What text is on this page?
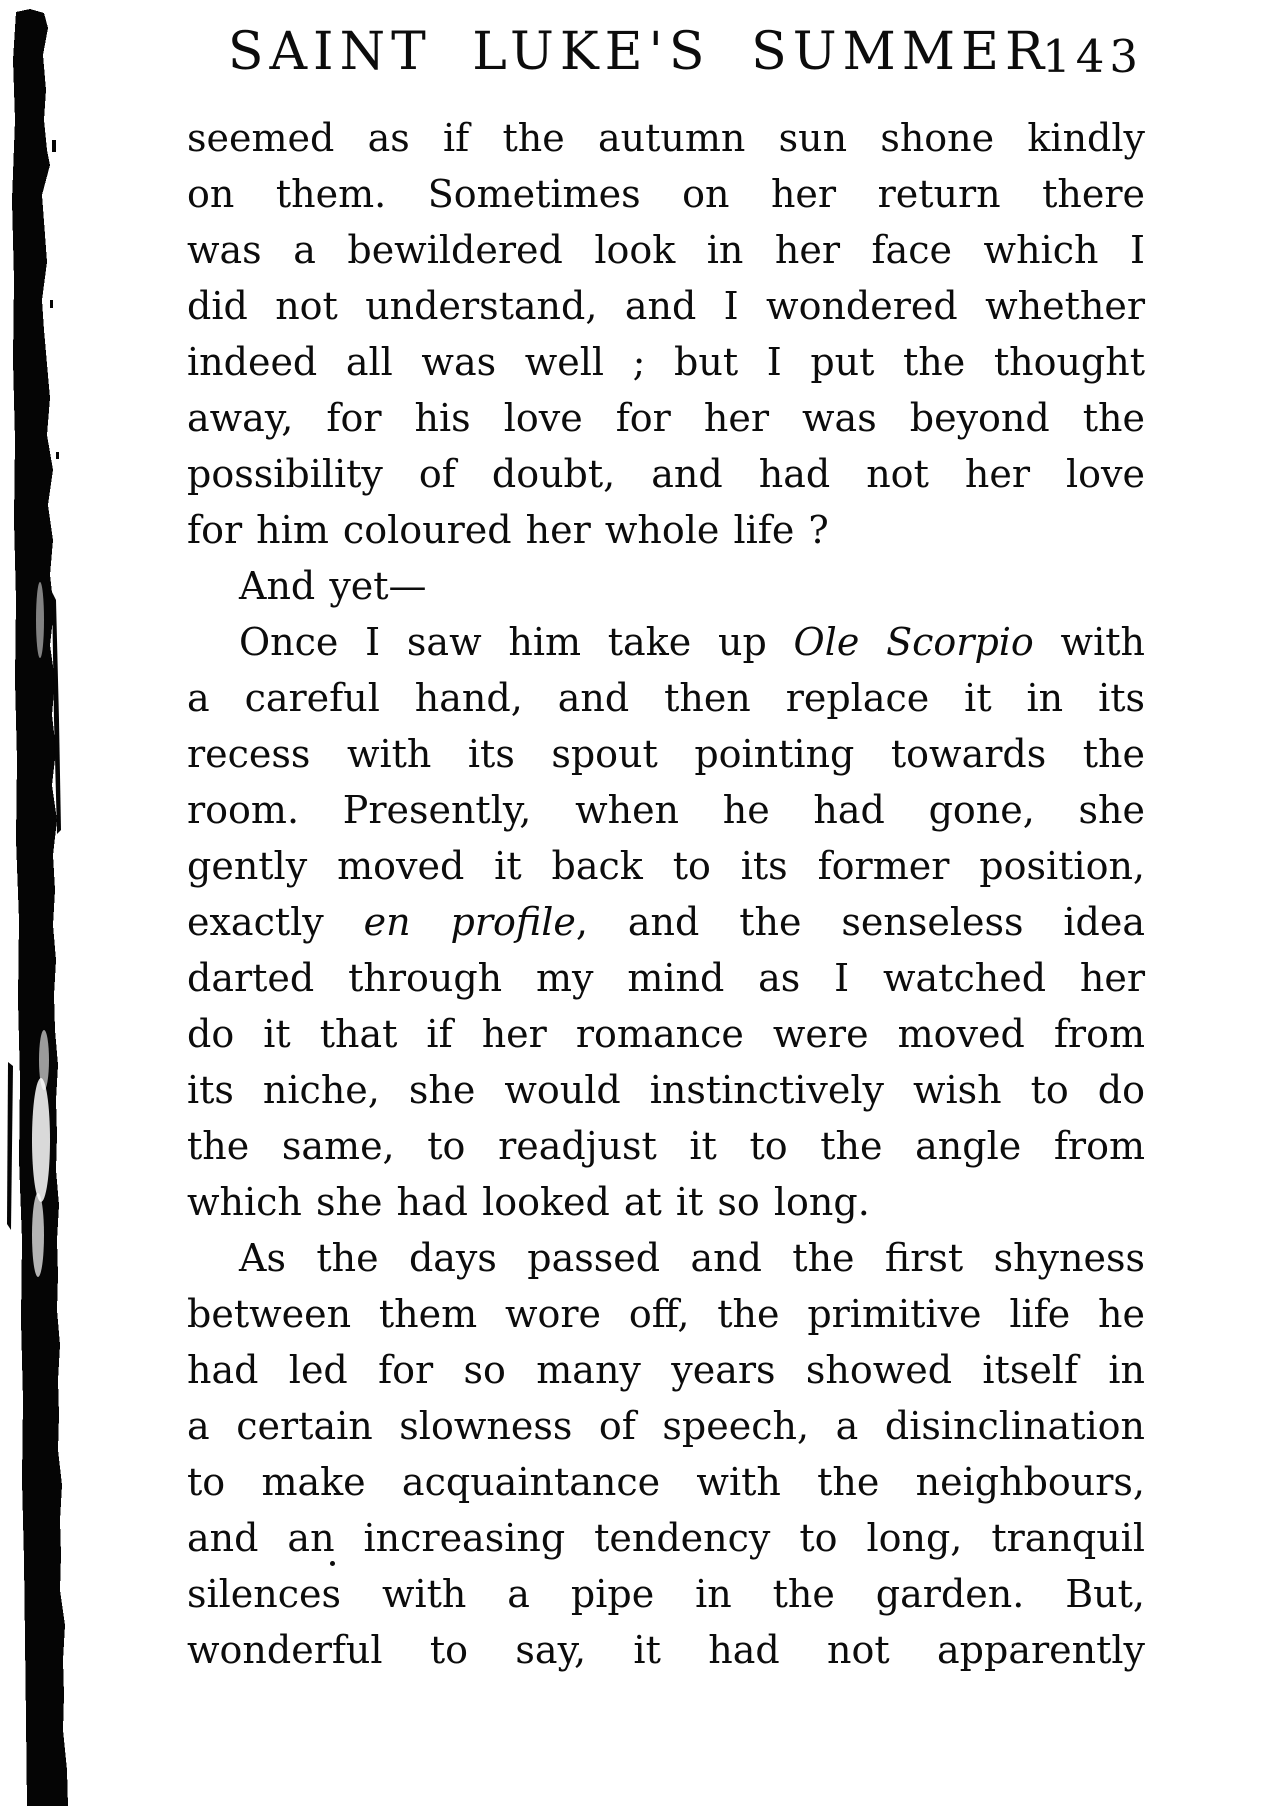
SAINT LUKE'S SUMMER
143
seemed as if the autumn sun shone kindly
on them. Sometimes on her return there
was a bewildered look in her face which I
did not understand, and I wondered whether
indeed all was well ; but I put the thought
away, for his love for her was beyond the
possibility of doubt, and had not her love
for him coloured her whole life ?
And yet—
Once I saw him take up Ole Scorpio with
a careful hand, and then replace it in its
recess with its spout pointing towards the
room. Presently, when he had gone, she
gently moved it back to its former position,
exactly en profile, and the senseless idea
darted through my mind as I watched her
do it that if her romance were moved from
its niche, she would instinctively wish to do
the same, to readjust it to the angle from
which she had looked at it so long.
As the days passed and the first shyness
between them wore off, the primitive life he
had led for so many years showed itself in
a certain slowness of speech, a disinclination
to make acquaintance with the neighbours,
and an increasing tendency to long, tranquil
silences with a pipe in the garden. But,
wonderful to say, it had not apparently
